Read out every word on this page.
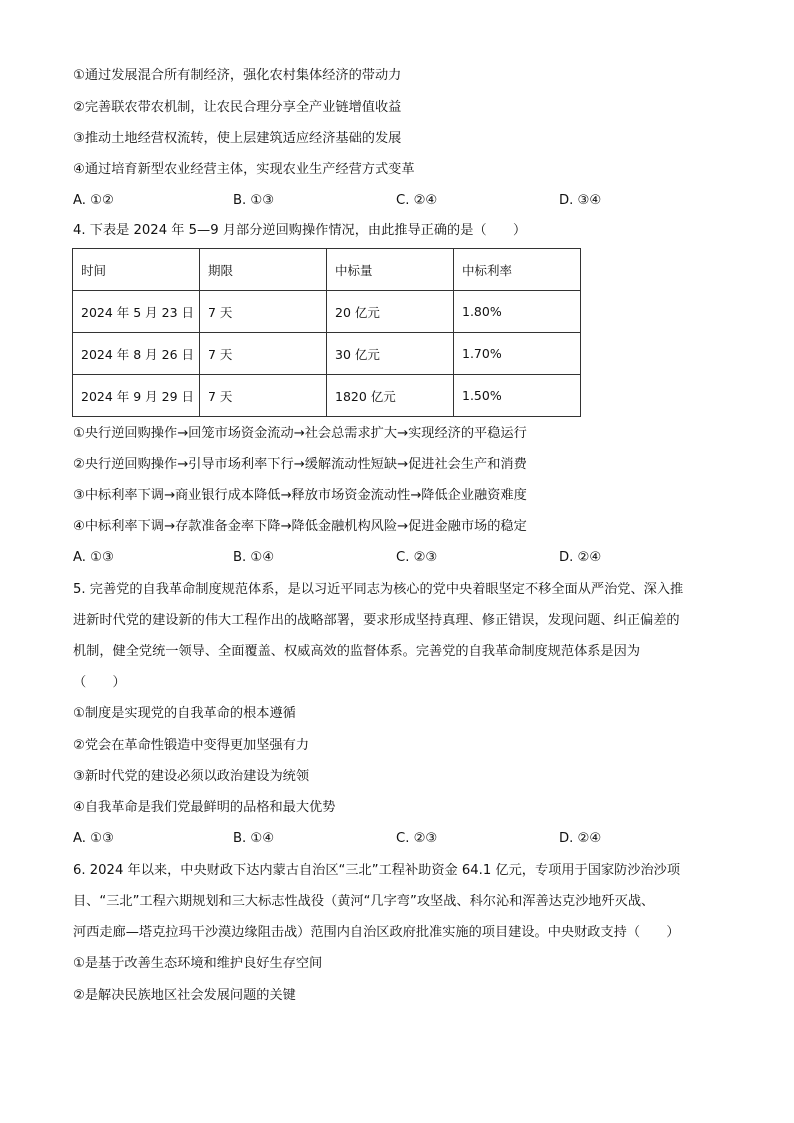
①通过发展混合所有制经济，强化农村集体经济的带动力
②完善联农带农机制，让农民合理分享全产业链增值收益
③推动土地经营权流转，使上层建筑适应经济基础的发展
④通过培育新型农业经营主体，实现农业生产经营方式变革
A. ①②	B. ①③	C. ②④	D. ③④
4. 下表是 2024 年 5—9 月部分逆回购操作情况，由此推导正确的是（　　）
时间	期限	中标量	中标利率
2024 年 5 月 23 日	7 天	20 亿元	1.80%
2024 年 8 月 26 日	7 天	30 亿元	1.70%
2024 年 9 月 29 日	7 天	1820 亿元	1.50%
①央行逆回购操作→回笼市场资金流动→社会总需求扩大→实现经济的平稳运行
②央行逆回购操作→引导市场利率下行→缓解流动性短缺→促进社会生产和消费
③中标利率下调→商业银行成本降低→释放市场资金流动性→降低企业融资难度
④中标利率下调→存款准备金率下降→降低金融机构风险→促进金融市场的稳定
A. ①③	B. ①④	C. ②③	D. ②④
5. 完善党的自我革命制度规范体系，是以习近平同志为核心的党中央着眼坚定不移全面从严治党、深入推
进新时代党的建设新的伟大工程作出的战略部署，要求形成坚持真理、修正错误，发现问题、纠正偏差的
机制，健全党统一领导、全面覆盖、权威高效的监督体系。完善党的自我革命制度规范体系是因为
（　　）
①制度是实现党的自我革命的根本遵循
②党会在革命性锻造中变得更加坚强有力
③新时代党的建设必须以政治建设为统领
④自我革命是我们党最鲜明的品格和最大优势
A. ①③	B. ①④	C. ②③	D. ②④
6. 2024 年以来，中央财政下达内蒙古自治区“三北”工程补助资金 64.1 亿元，专项用于国家防沙治沙项
目、“三北”工程六期规划和三大标志性战役（黄河“几字弯”攻坚战、科尔沁和浑善达克沙地歼灭战、
河西走廊—塔克拉玛干沙漠边缘阻击战）范围内自治区政府批准实施的项目建设。中央财政支持（　　）
①是基于改善生态环境和维护良好生存空间
②是解决民族地区社会发展问题的关键
